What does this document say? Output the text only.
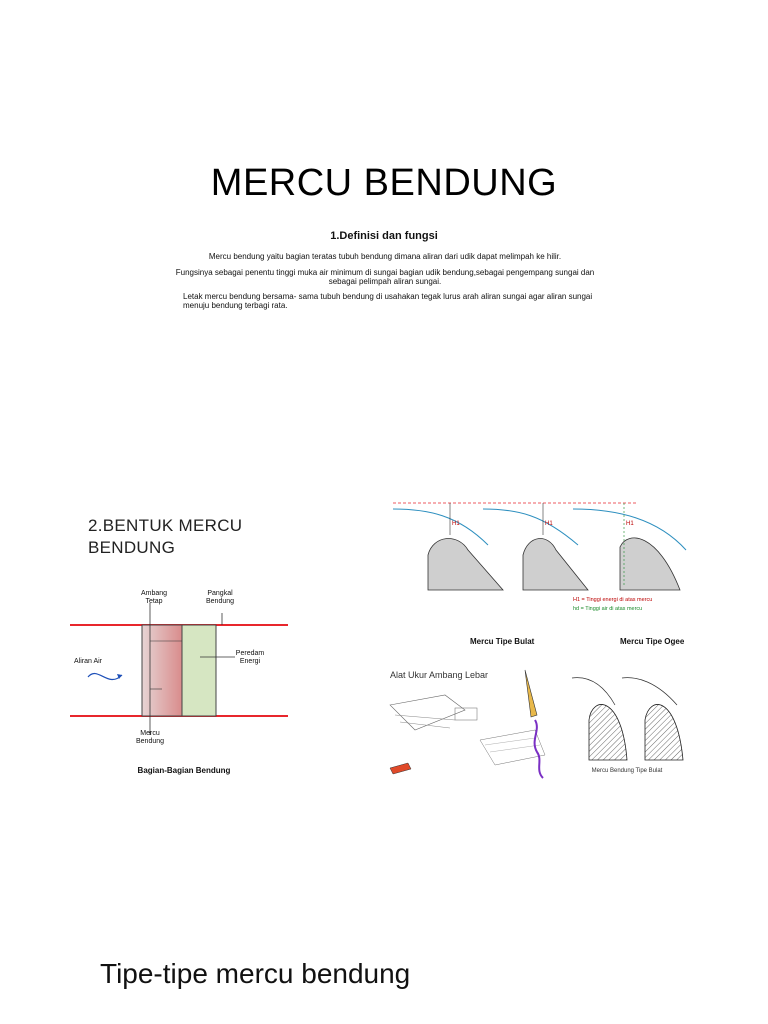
MERCU BENDUNG
1.Definisi dan fungsi
Mercu bendung yaitu bagian teratas tubuh bendung dimana aliran dari udik dapat melimpah ke hilir.
Fungsinya sebagai penentu tinggi muka air minimum di sungai bagian udik bendung,sebagai pengempang sungai dan sebagai pelimpah aliran sungai.
Letak mercu bendung bersama- sama tubuh bendung di usahakan tegak lurus arah aliran sungai agar aliran sungai menuju bendung terbagi rata.
2.BENTUK MERCU BENDUNG
Ambang Tetap
Pangkal Bendung
Aliran Air
Peredam Energi
Mercu Bendung
Bagian-Bagian Bendung
H1	H1	H1
H1 = Tinggi energi di atas mercu
hd = Tinggi air di atas mercu
Mercu Tipe Bulat	Mercu Tipe Ogee
Alat Ukur Ambang Lebar
Mercu Bendung Tipe Bulat
Tipe-tipe mercu bendung
